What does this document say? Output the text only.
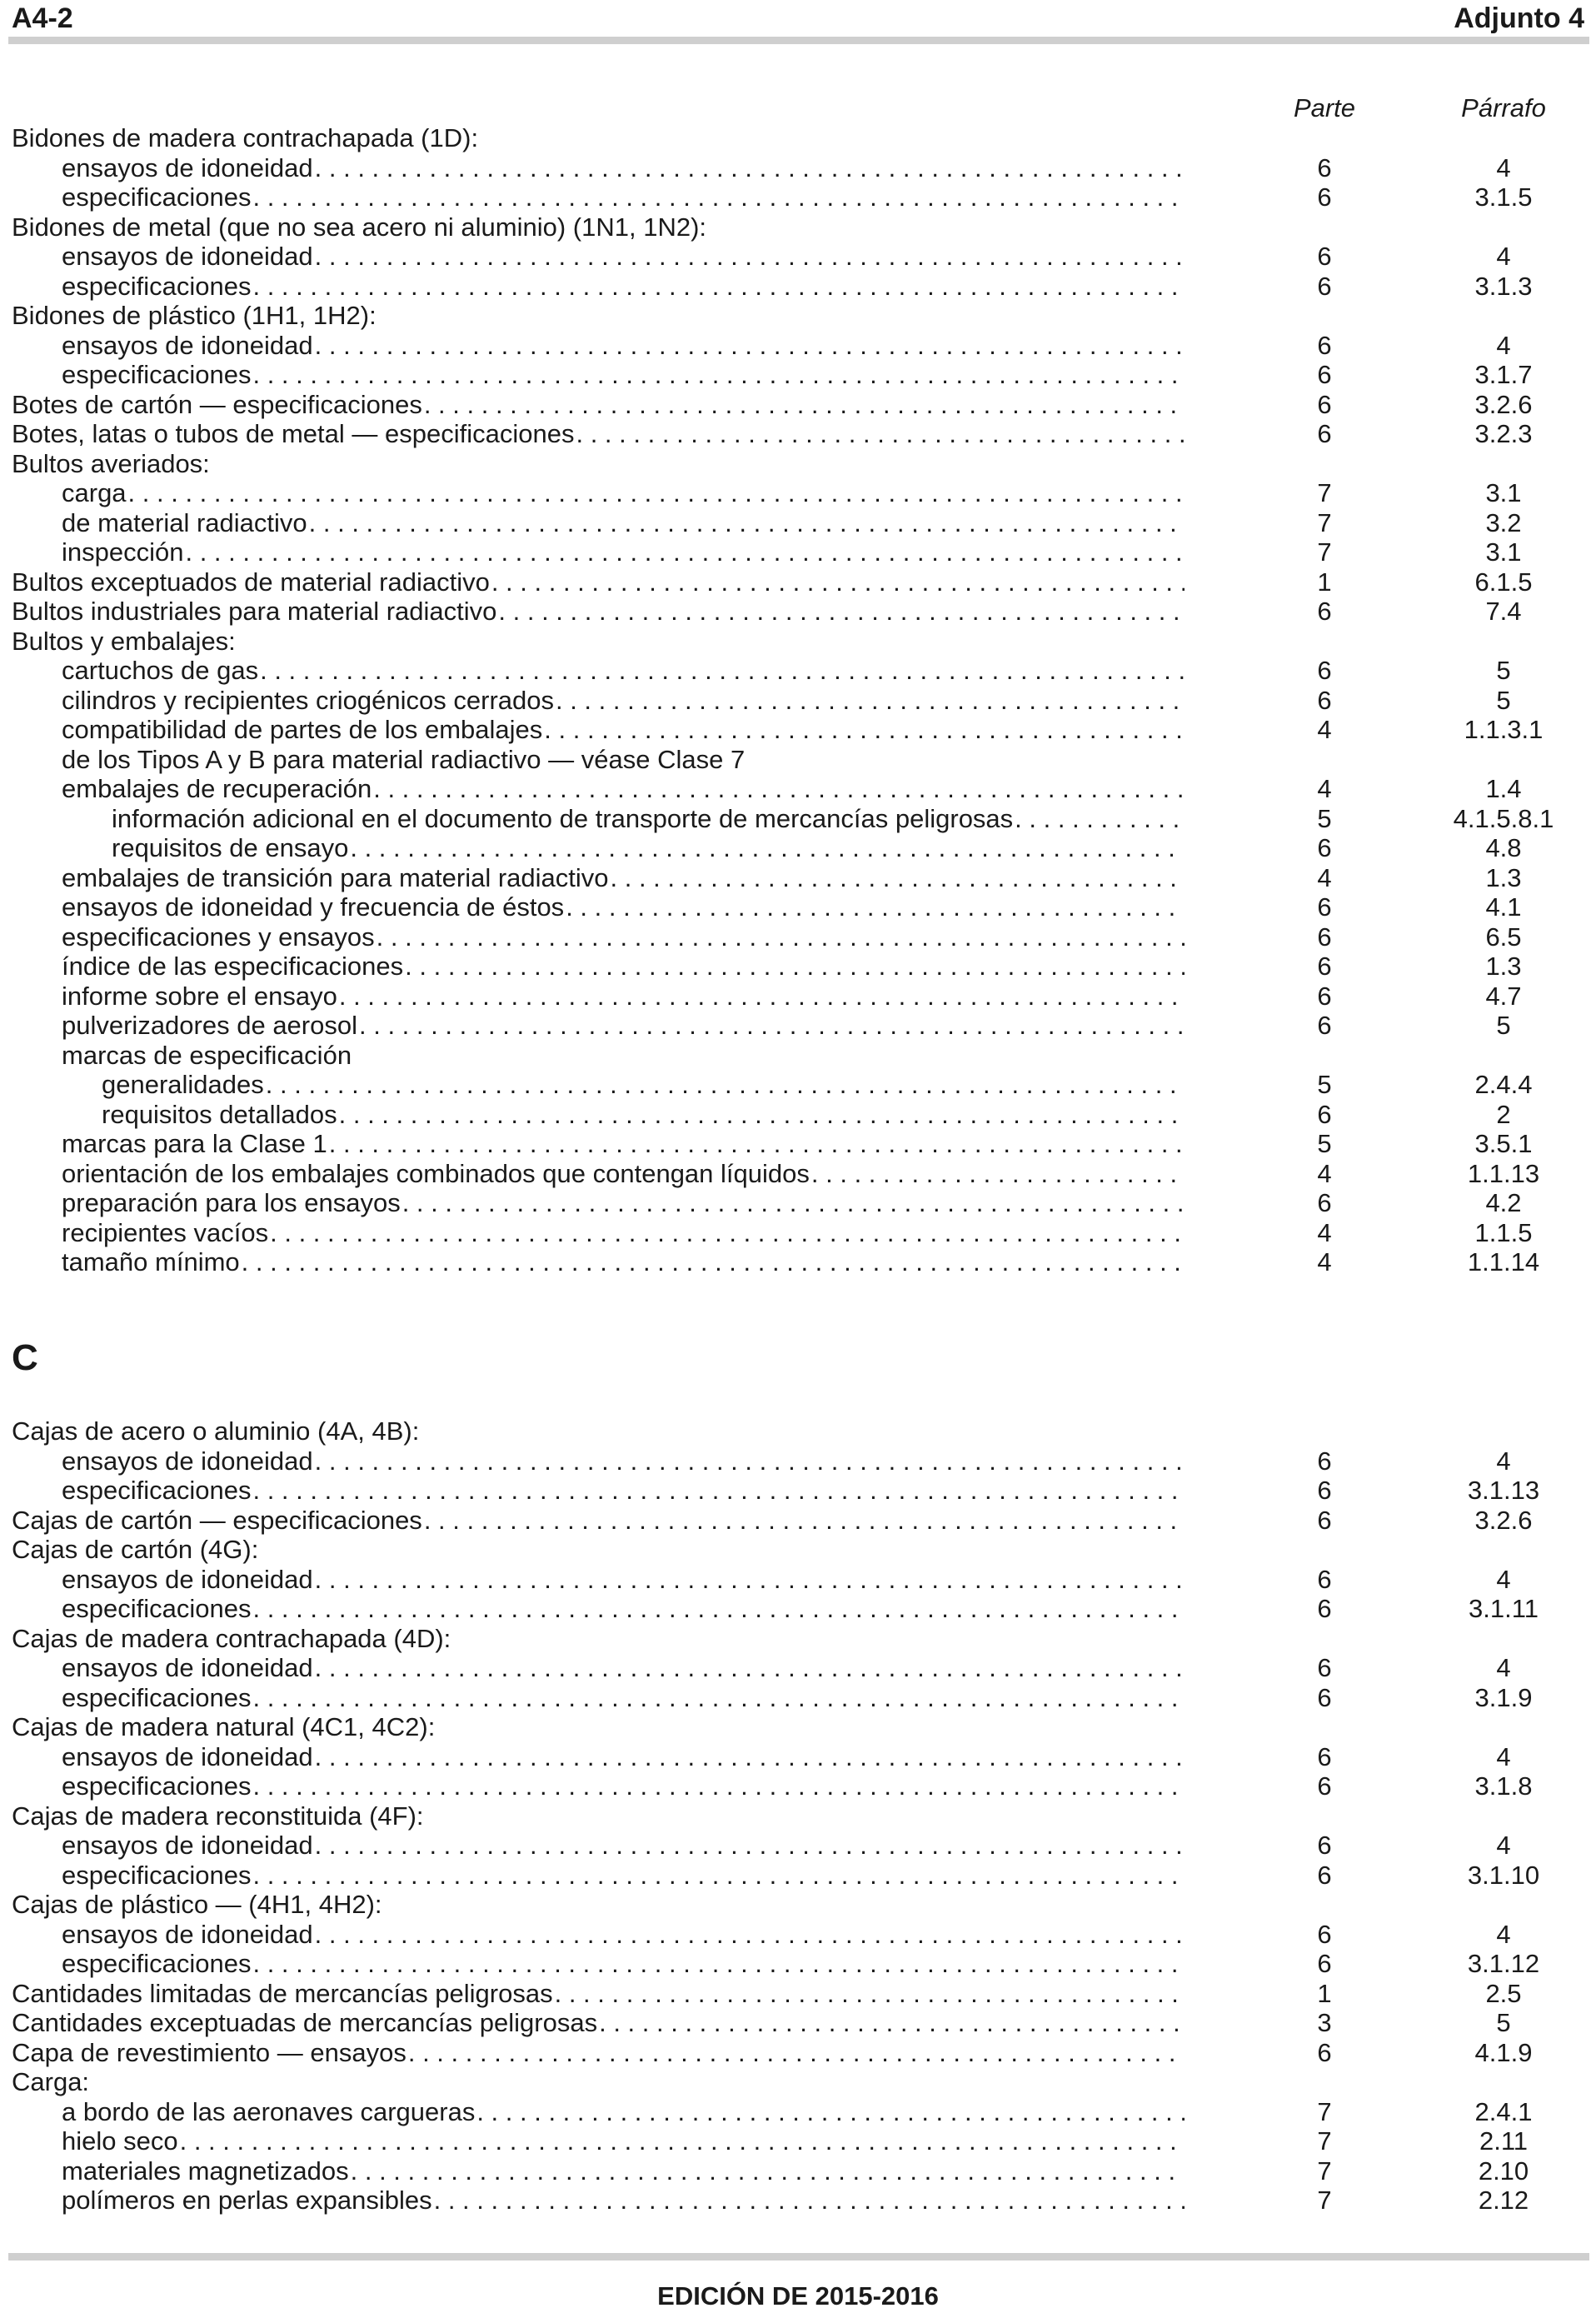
A4-2	Adjunto 4
Parte	Párrafo
Bidones de madera contrachapada (1D):
ensayos de idoneidad . . .	6	4
especificaciones . . .	6	3.1.5
Bidones de metal (que no sea acero ni aluminio) (1N1, 1N2):
ensayos de idoneidad . . .	6	4
especificaciones . . .	6	3.1.3
Bidones de plástico (1H1, 1H2):
ensayos de idoneidad . . .	6	4
especificaciones . . .	6	3.1.7
Botes de cartón — especificaciones . . .	6	3.2.6
Botes, latas o tubos de metal — especificaciones . . .	6	3.2.3
Bultos averiados:
carga . . .	7	3.1
de material radiactivo . . .	7	3.2
inspección . . .	7	3.1
Bultos exceptuados de material radiactivo . . .	1	6.1.5
Bultos industriales para material radiactivo . . .	6	7.4
Bultos y embalajes:
cartuchos de gas . . .	6	5
cilindros y recipientes criogénicos cerrados . . .	6	5
compatibilidad de partes de los embalajes . . .	4	1.1.3.1
de los Tipos A y B para material radiactivo — véase Clase 7
embalajes de recuperación . . .	4	1.4
información adicional en el documento de transporte de mercancías peligrosas . . .	5	4.1.5.8.1
requisitos de ensayo . . .	6	4.8
embalajes de transición para material radiactivo . . .	4	1.3
ensayos de idoneidad y frecuencia de éstos . . .	6	4.1
especificaciones y ensayos . . .	6	6.5
índice de las especificaciones . . .	6	1.3
informe sobre el ensayo . . .	6	4.7
pulverizadores de aerosol . . .	6	5
marcas de especificación
generalidades . . .	5	2.4.4
requisitos detallados . . .	6	2
marcas para la Clase 1 . . .	5	3.5.1
orientación de los embalajes combinados que contengan líquidos . . .	4	1.1.13
preparación para los ensayos . . .	6	4.2
recipientes vacíos . . .	4	1.1.5
tamaño mínimo . . .	4	1.1.14
C
Cajas de acero o aluminio (4A, 4B):
ensayos de idoneidad . . .	6	4
especificaciones . . .	6	3.1.13
Cajas de cartón — especificaciones . . .	6	3.2.6
Cajas de cartón (4G):
ensayos de idoneidad . . .	6	4
especificaciones . . .	6	3.1.11
Cajas de madera contrachapada (4D):
ensayos de idoneidad . . .	6	4
especificaciones . . .	6	3.1.9
Cajas de madera natural (4C1, 4C2):
ensayos de idoneidad . . .	6	4
especificaciones . . .	6	3.1.8
Cajas de madera reconstituida (4F):
ensayos de idoneidad . . .	6	4
especificaciones . . .	6	3.1.10
Cajas de plástico — (4H1, 4H2):
ensayos de idoneidad . . .	6	4
especificaciones . . .	6	3.1.12
Cantidades limitadas de mercancías peligrosas . . .	1	2.5
Cantidades exceptuadas de mercancías peligrosas . . .	3	5
Capa de revestimiento — ensayos . . .	6	4.1.9
Carga:
a bordo de las aeronaves cargueras . . .	7	2.4.1
hielo seco . . .	7	2.11
materiales magnetizados . . .	7	2.10
polímeros en perlas expansibles . . .	7	2.12
EDICIÓN DE 2015-2016
